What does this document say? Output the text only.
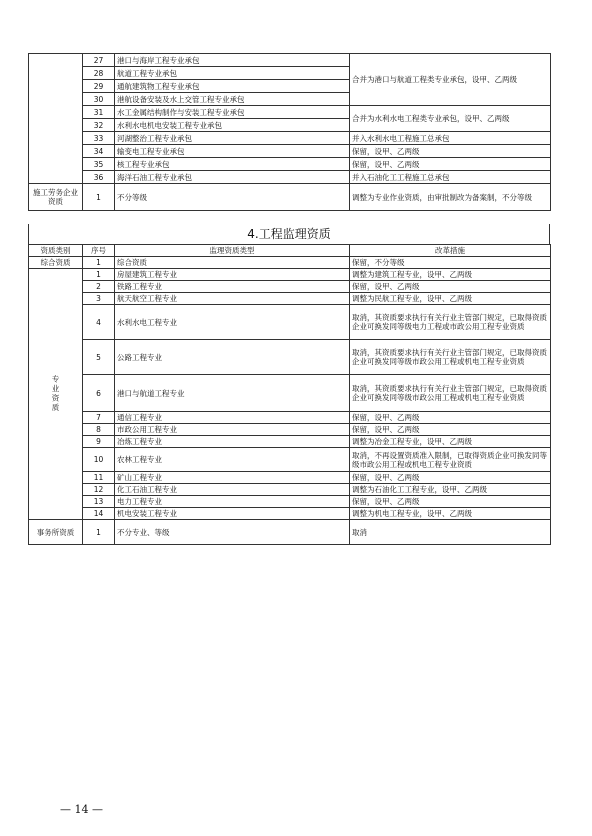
	27	港口与海岸工程专业承包	合并为港口与航道工程类专业承包，设甲、乙两级
	28	航道工程专业承包	
	29	通航建筑物工程专业承包	
	30	港航设备安装及水上交管工程专业承包	
	31	水工金属结构制作与安装工程专业承包	合并为水利水电工程类专业承包，设甲、乙两级
	32	水利水电机电安装工程专业承包	
	33	河湖整治工程专业承包	并入水利水电工程施工总承包
	34	输变电工程专业承包	保留，设甲、乙两级
	35	核工程专业承包	保留，设甲、乙两级
	36	海洋石油工程专业承包	并入石油化工工程施工总承包
施工劳务企业资质	1	不分等级	调整为专业作业资质，由审批制改为备案制，不分等级
4.工程监理资质
资质类别	序号	监理资质类型	改革措施
综合资质	1	综合资质	保留，不分等级

专业资质	1	房屋建筑工程专业	调整为建筑工程专业，设甲、乙两级
	2	铁路工程专业	保留，设甲、乙两级
	3	航天航空工程专业	调整为民航工程专业，设甲、乙两级
	4	水利水电工程专业	取消，其资质要求执行有关行业主管部门规定，已取得资质企业可换发同等级电力工程或市政公用工程专业资质
	5	公路工程专业	取消，其资质要求执行有关行业主管部门规定，已取得资质企业可换发同等级市政公用工程或机电工程专业资质
	6	港口与航道工程专业	取消，其资质要求执行有关行业主管部门规定，已取得资质企业可换发同等级市政公用工程或机电工程专业资质
	7	通信工程专业	保留，设甲、乙两级
	8	市政公用工程专业	保留，设甲、乙两级
	9	冶炼工程专业	调整为冶金工程专业，设甲、乙两级
	10	农林工程专业	取消，不再设置资质准入限制，已取得资质企业可换发同等级市政公用工程或机电工程专业资质
	11	矿山工程专业	保留，设甲、乙两级
	12	化工石油工程专业	调整为石油化工工程专业，设甲、乙两级
	13	电力工程专业	保留，设甲、乙两级
	14	机电安装工程专业	调整为机电工程专业，设甲、乙两级
事务所资质	1	不分专业、等级	取消
— 14 —
